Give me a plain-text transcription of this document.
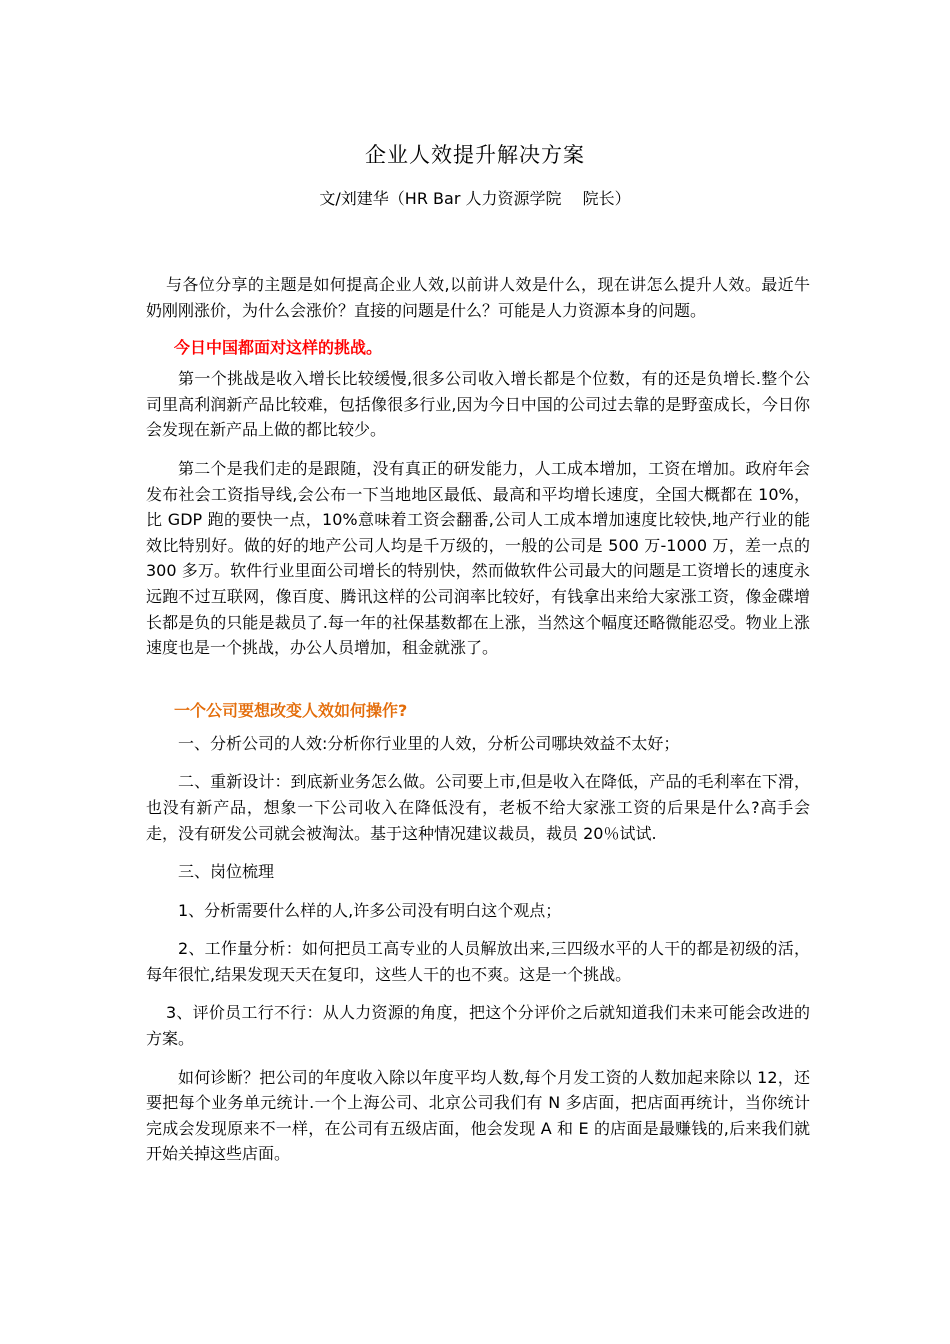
企业人效提升解决方案
文/刘建华（HR Bar 人力资源学院　 院长）

与各位分享的主题是如何提高企业人效,以前讲人效是什么，现在讲怎么提升人效。最近牛奶刚刚涨价，为什么会涨价？直接的问题是什么？可能是人力资源本身的问题。

今日中国都面对这样的挑战。

第一个挑战是收入增长比较缓慢,很多公司收入增长都是个位数，有的还是负增长.整个公司里高利润新产品比较难，包括像很多行业,因为今日中国的公司过去靠的是野蛮成长，今日你会发现在新产品上做的都比较少。

第二个是我们走的是跟随，没有真正的研发能力，人工成本增加，工资在增加。政府年会发布社会工资指导线,会公布一下当地地区最低、最高和平均增长速度，全国大概都在 10%，比 GDP 跑的要快一点，10%意味着工资会翻番,公司人工成本增加速度比较快,地产行业的能效比特别好。做的好的地产公司人均是千万级的，一般的公司是 500 万-1000 万，差一点的 300 多万。软件行业里面公司增长的特别快，然而做软件公司最大的问题是工资增长的速度永远跑不过互联网，像百度、腾讯这样的公司润率比较好，有钱拿出来给大家涨工资，像金碟增长都是负的只能是裁员了.每一年的社保基数都在上涨，当然这个幅度还略微能忍受。物业上涨速度也是一个挑战，办公人员增加，租金就涨了。

一个公司要想改变人效如何操作?

一、分析公司的人效:分析你行业里的人效，分析公司哪块效益不太好；

二、重新设计：到底新业务怎么做。公司要上市,但是收入在降低，产品的毛利率在下滑，也没有新产品，想象一下公司收入在降低没有，老板不给大家涨工资的后果是什么?高手会走，没有研发公司就会被淘汰。基于这种情况建议裁员，裁员 20％试试.

三、岗位梳理

1、分析需要什么样的人,许多公司没有明白这个观点；

2、工作量分析：如何把员工高专业的人员解放出来,三四级水平的人干的都是初级的活，每年很忙,结果发现天天在复印，这些人干的也不爽。这是一个挑战。

3、评价员工行不行：从人力资源的角度，把这个分评价之后就知道我们未来可能会改进的方案。

如何诊断？把公司的年度收入除以年度平均人数,每个月发工资的人数加起来除以 12，还要把每个业务单元统计.一个上海公司、北京公司我们有 N 多店面，把店面再统计，当你统计完成会发现原来不一样，在公司有五级店面，他会发现 A 和 E 的店面是最赚钱的,后来我们就开始关掉这些店面。
